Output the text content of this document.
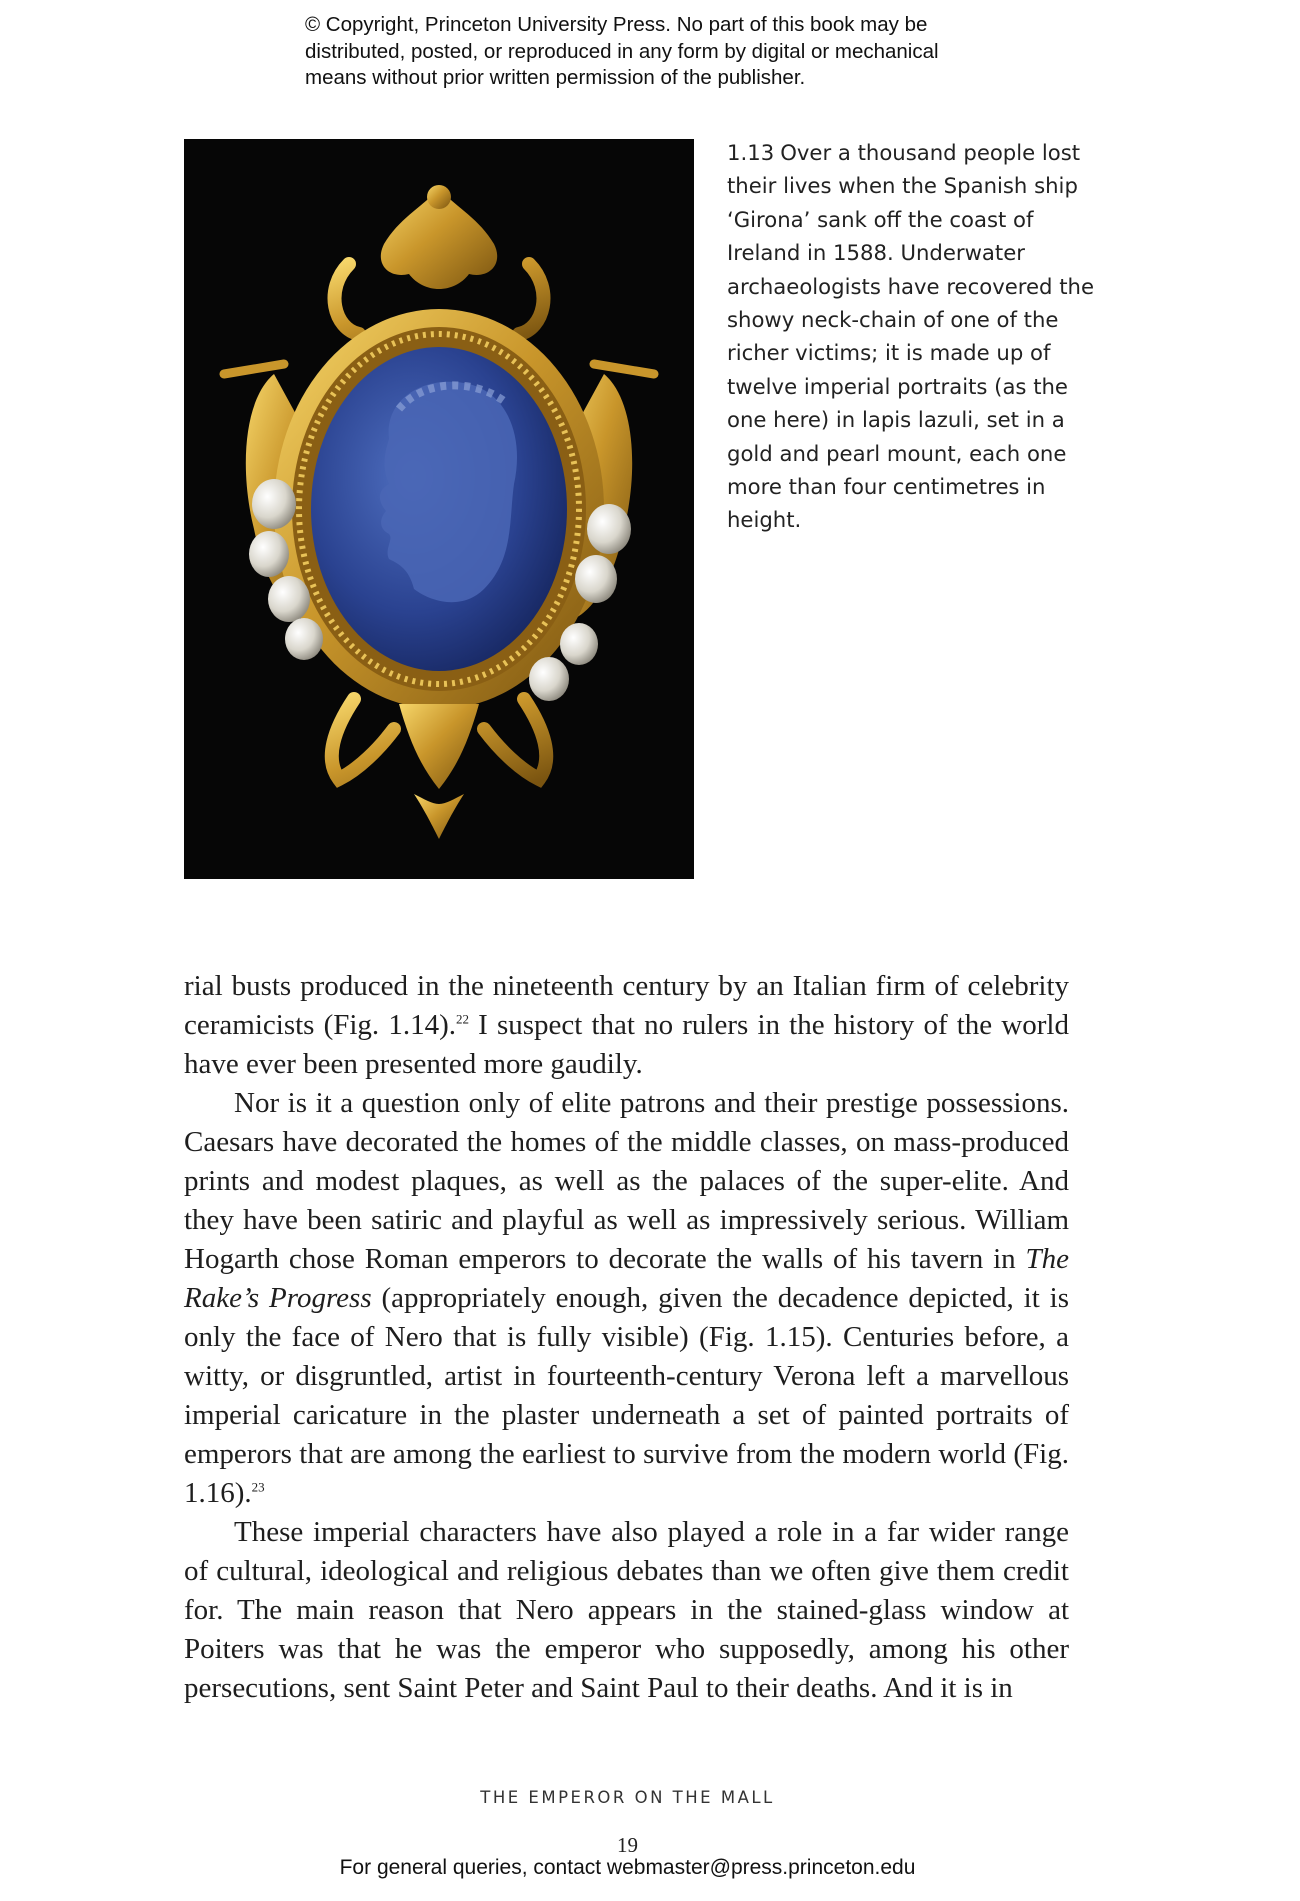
© Copyright, Princeton University Press. No part of this book may be
distributed, posted, or reproduced in any form by digital or mechanical
means without prior written permission of the publisher.

1.13 Over a thousand people lost their lives when the Spanish ship ‘Girona’ sank off the coast of Ireland in 1588. Underwater archaeologists have recovered the showy neck-chain of one of the richer victims; it is made up of twelve imperial portraits (as the one here) in lapis lazuli, set in a gold and pearl mount, each one more than four centimetres in height.

rial busts produced in the nineteenth century by an Italian firm of celebrity ceramicists (Fig. 1.14).$^{22}$ I suspect that no rulers in the history of the world have ever been presented more gaudily.

Nor is it a question only of elite patrons and their prestige possessions. Caesars have decorated the homes of the middle classes, on mass-produced prints and modest plaques, as well as the palaces of the super-elite. And they have been satiric and playful as well as impressively serious. William Hogarth chose Roman emperors to decorate the walls of his tavern in The Rake’s Progress (appropriately enough, given the decadence depicted, it is only the face of Nero that is fully visible) (Fig. 1.15). Centuries before, a witty, or disgruntled, artist in fourteenth-century Verona left a marvellous imperial caricature in the plaster underneath a set of painted portraits of emperors that are among the earliest to survive from the modern world (Fig. 1.16).$^{23}$

These imperial characters have also played a role in a far wider range of cultural, ideological and religious debates than we often give them credit for. The main reason that Nero appears in the stained-glass window at Poiters was that he was the emperor who supposedly, among his other persecutions, sent Saint Peter and Saint Paul to their deaths. And it is in

THE EMPEROR ON THE MALL
19
For general queries, contact webmaster@press.princeton.edu
